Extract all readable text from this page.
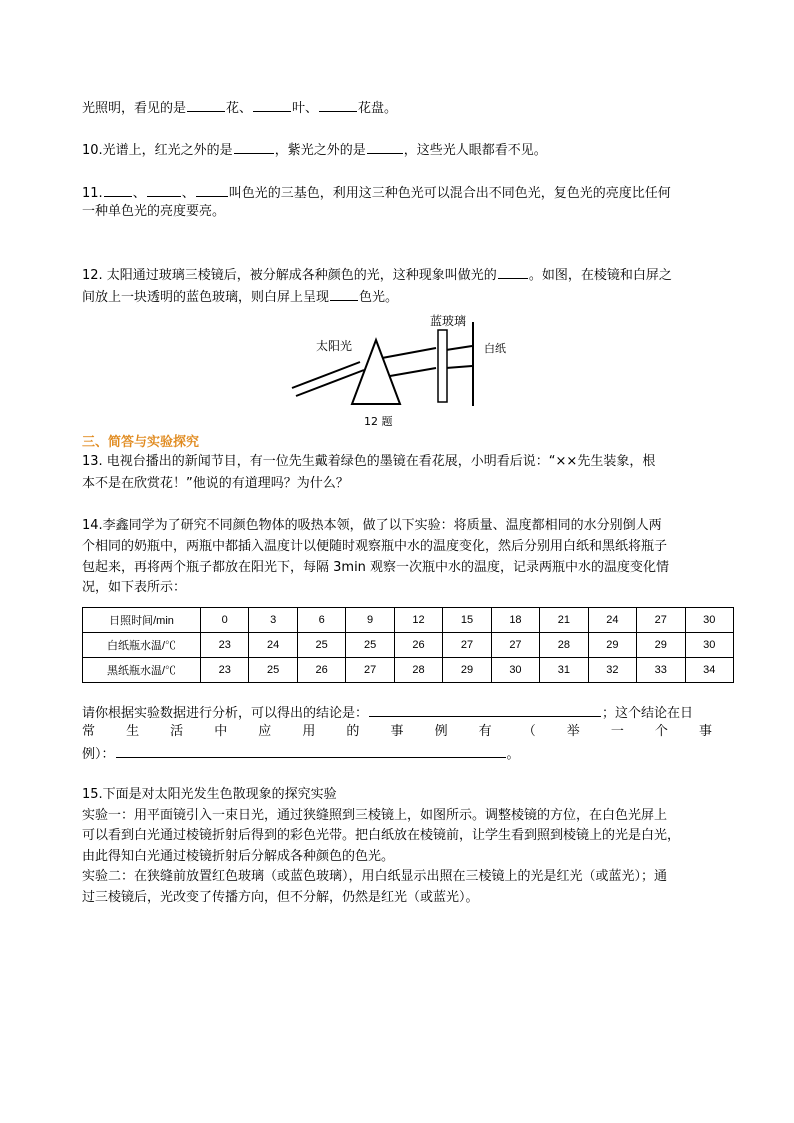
光照明，看见的是	花、	叶、	花盘。
10.光谱上，红光之外的是	，紫光之外的是	，这些光人眼都看不见。
11. 、	、	叫色光的三基色，利用这三种色光可以混合出不同色光，复色光的亮度比任何
一种单色光的亮度要亮。
12. 太阳通过玻璃三棱镜后，被分解成各种颜色的光，这种现象叫做光的 。如图，在棱镜和白屏之
间放上一块透明的蓝色玻璃，则白屏上呈现 色光。
太阳光
蓝玻璃
白纸
12 题
三、简答与实验探究
13. 电视台播出的新闻节目，有一位先生戴着绿色的墨镜在看花展，小明看后说：“××先生装象，根
本不是在欣赏花！”他说的有道理吗？为什么？
14.李鑫同学为了研究不同颜色物体的吸热本领，做了以下实验：将质量、温度都相同的水分别倒人两
个相同的奶瓶中，两瓶中都插入温度计以便随时观察瓶中水的温度变化，然后分别用白纸和黑纸将瓶子
包起来，再将两个瓶子都放在阳光下，每隔 3min 观察一次瓶中水的温度，记录两瓶中水的温度变化情
况，如下表所示：
日照时间/min	0	3	6	9	12	15	18	21	24	27	30
白纸瓶水温/℃	23	24	25	25	26	27	27	28	29	29	30
黑纸瓶水温/℃	23	25	26	27	28	29	30	31	32	33	34
请你根据实验数据进行分析，可以得出的结论是：	；这个结论在日
常 生 活 中 应 用 的 事 例 有 （ 举 一 个 事
例）：	。
15.下面是对太阳光发生色散现象的探究实验
实验一：用平面镜引入一束日光，通过狭缝照到三棱镜上，如图所示。调整棱镜的方位，在白色光屏上
可以看到白光通过棱镜折射后得到的彩色光带。把白纸放在棱镜前，让学生看到照到棱镜上的光是白光，
由此得知白光通过棱镜折射后分解成各种颜色的色光。
实验二：在狭缝前放置红色玻璃（或蓝色玻璃），用白纸显示出照在三棱镜上的光是红光（或蓝光）；通
过三棱镜后，光改变了传播方向，但不分解，仍然是红光（或蓝光）。
